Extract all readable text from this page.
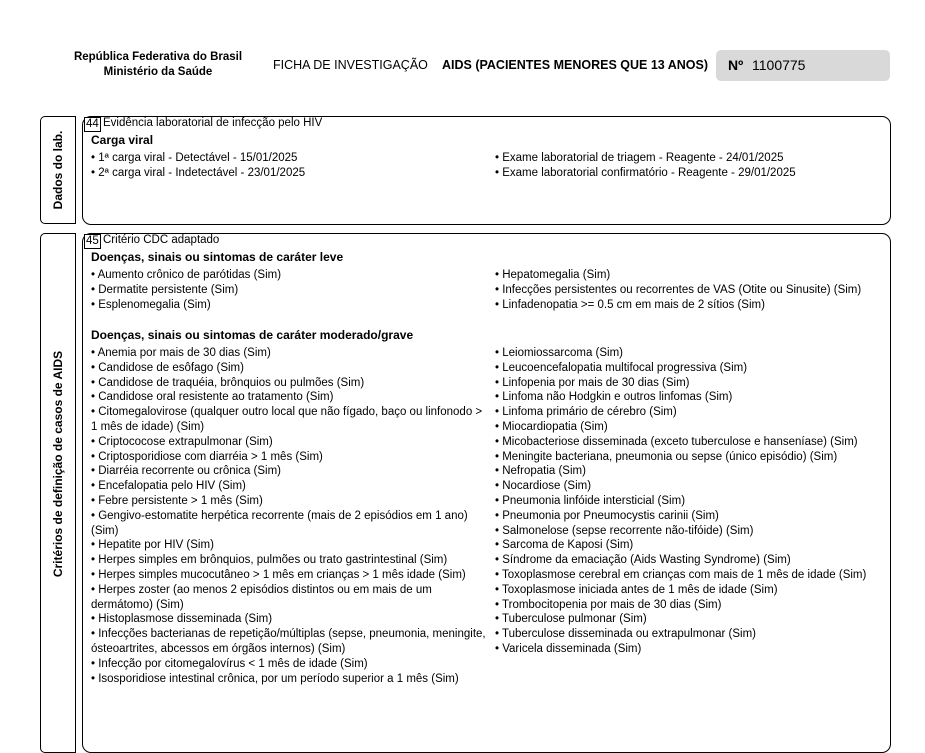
República Federativa do Brasil
Ministério da Saúde	FICHA DE INVESTIGAÇÃO AIDS (PACIENTES MENORES QUE 13 ANOS) Nº 1100775
Dados do lab.
44 Evidência laboratorial de infecção pelo HIV
Carga viral
• 1ª carga viral - Detectável - 15/01/2025
• 2ª carga viral - Indetectável - 23/01/2025
• Exame laboratorial de triagem - Reagente - 24/01/2025
• Exame laboratorial confirmatório - Reagente - 29/01/2025
Critérios de definição de casos de AIDS
45 Critério CDC adaptado
Doenças, sinais ou sintomas de caráter leve
• Aumento crônico de parótidas (Sim)
• Dermatite persistente (Sim)
• Esplenomegalia (Sim)
• Hepatomegalia (Sim)
• Infecções persistentes ou recorrentes de VAS (Otite ou Sinusite) (Sim)
• Linfadenopatia >= 0.5 cm em mais de 2 sítios (Sim)
Doenças, sinais ou sintomas de caráter moderado/grave
• Anemia por mais de 30 dias (Sim)
• Candidose de esôfago (Sim)
• Candidose de traquéia, brônquios ou pulmões (Sim)
• Candidose oral resistente ao tratamento (Sim)
• Citomegalovirose (qualquer outro local que não fígado, baço ou linfonodo > 1 mês de idade) (Sim)
• Criptococose extrapulmonar (Sim)
• Criptosporidiose com diarréia > 1 mês (Sim)
• Diarréia recorrente ou crônica (Sim)
• Encefalopatia pelo HIV (Sim)
• Febre persistente > 1 mês (Sim)
• Gengivo-estomatite herpética recorrente (mais de 2 episódios em 1 ano) (Sim)
• Hepatite por HIV (Sim)
• Herpes simples em brônquios, pulmões ou trato gastrintestinal (Sim)
• Herpes simples mucocutâneo > 1 mês em crianças > 1 mês idade (Sim)
• Herpes zoster (ao menos 2 episódios distintos ou em mais de um dermátomo) (Sim)
• Histoplasmose disseminada (Sim)
• Infecções bacterianas de repetição/múltiplas (sepse, pneumonia, meningite, ósteoartrites, abcessos em órgãos internos) (Sim)
• Infecção por citomegalovírus < 1 mês de idade (Sim)
• Isosporidiose intestinal crônica, por um período superior a 1 mês (Sim)
• Leiomiossarcoma (Sim)
• Leucoencefalopatia multifocal progressiva (Sim)
• Linfopenia por mais de 30 dias (Sim)
• Linfoma não Hodgkin e outros linfomas (Sim)
• Linfoma primário de cérebro (Sim)
• Miocardiopatia (Sim)
• Micobacteriose disseminada (exceto tuberculose e hanseníase) (Sim)
• Meningite bacteriana, pneumonia ou sepse (único episódio) (Sim)
• Nefropatia (Sim)
• Nocardiose (Sim)
• Pneumonia linfóide intersticial (Sim)
• Pneumonia por Pneumocystis carinii (Sim)
• Salmonelose (sepse recorrente não-tifóide) (Sim)
• Sarcoma de Kaposi (Sim)
• Síndrome da emaciação (Aids Wasting Syndrome) (Sim)
• Toxoplasmose cerebral em crianças com mais de 1 mês de idade (Sim)
• Toxoplasmose iniciada antes de 1 mês de idade (Sim)
• Trombocitopenia por mais de 30 dias (Sim)
• Tuberculose pulmonar (Sim)
• Tuberculose disseminada ou extrapulmonar (Sim)
• Varicela disseminada (Sim)
